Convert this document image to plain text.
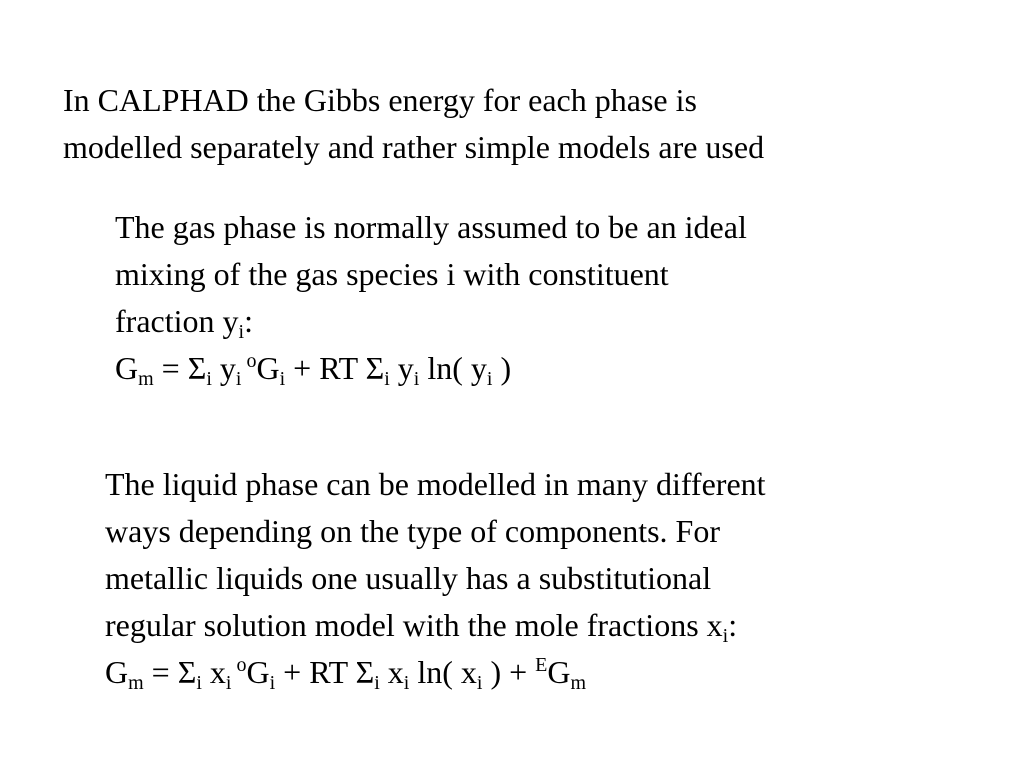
In CALPHAD the Gibbs energy for each phase is
modelled separately and rather simple models are used
The gas phase is normally assumed to be an ideal
mixing of the gas species i with constituent
fraction $y_i$:
$G_m = \Sigma_i$ $y_i$ $^oG_i$ + RT $\Sigma_i$ $y_i$ ln( $y_i$ )
The liquid phase can be modelled in many different
ways depending on the type of components. For
metallic liquids one usually has a substitutional
regular solution model with the mole fractions $x_i$:
$G_m = \Sigma_i$ $x_i$ $^oG_i$ + RT $\Sigma_i$ $x_i$ ln( $x_i$ ) + $^EG_m$
